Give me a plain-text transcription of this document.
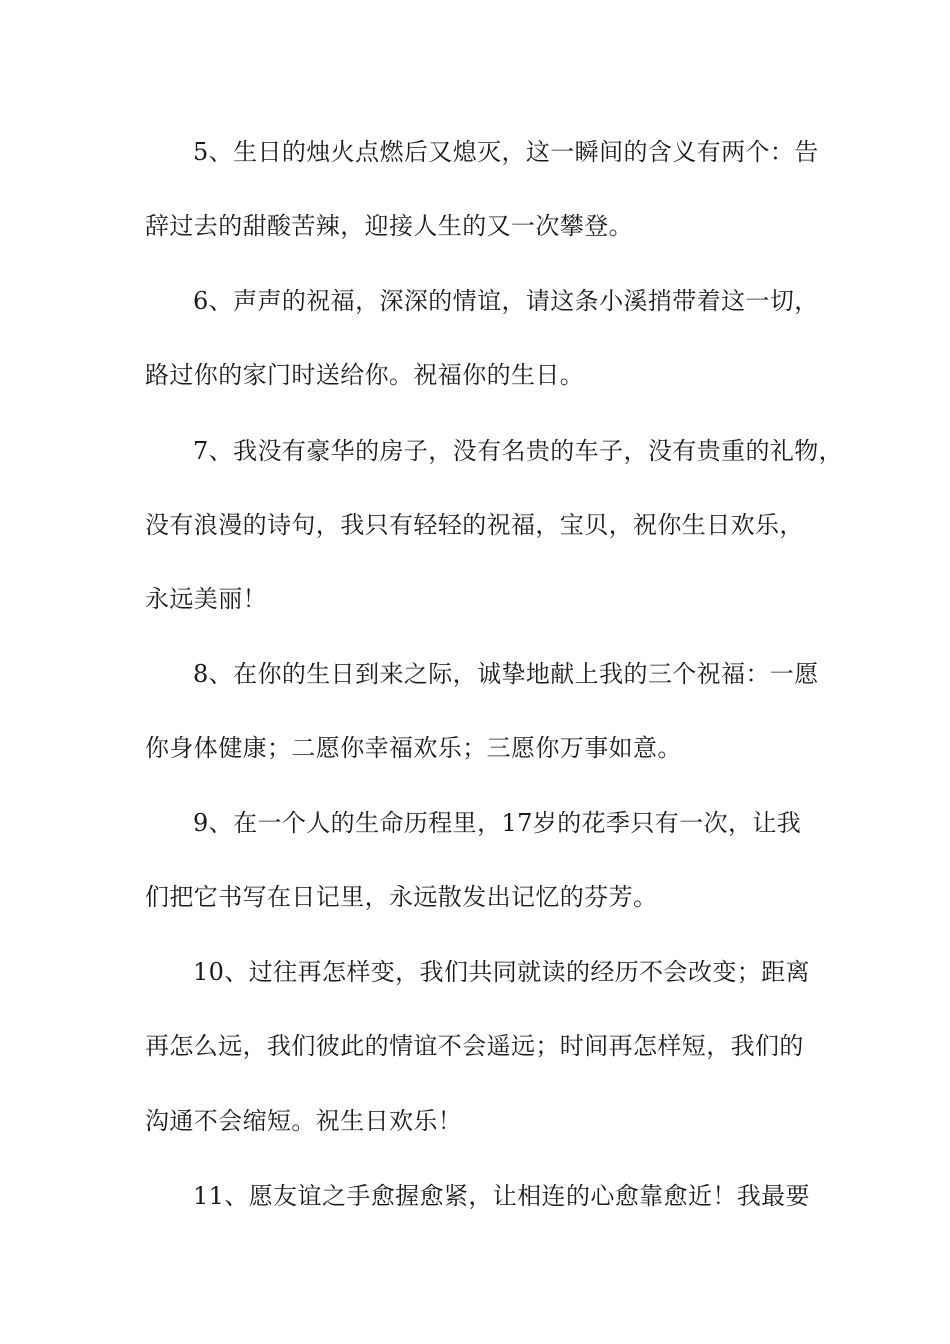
5、生日的烛火点燃后又熄灭，这一瞬间的含义有两个：告
辞过去的甜酸苦辣，迎接人生的又一次攀登。
6、声声的祝福，深深的情谊，请这条小溪捎带着这一切，
路过你的家门时送给你。祝福你的生日。
7、我没有豪华的房子，没有名贵的车子，没有贵重的礼物，
没有浪漫的诗句，我只有轻轻的祝福，宝贝，祝你生日欢乐，
永远美丽！
8、在你的生日到来之际，诚挚地献上我的三个祝福：一愿
你身体健康；二愿你幸福欢乐；三愿你万事如意。
9、在一个人的生命历程里，17岁的花季只有一次，让我
们把它书写在日记里，永远散发出记忆的芬芳。
10、过往再怎样变，我们共同就读的经历不会改变；距离
再怎么远，我们彼此的情谊不会遥远；时间再怎样短，我们的
沟通不会缩短。祝生日欢乐！
11、愿友谊之手愈握愈紧，让相连的心愈靠愈近！我最要
